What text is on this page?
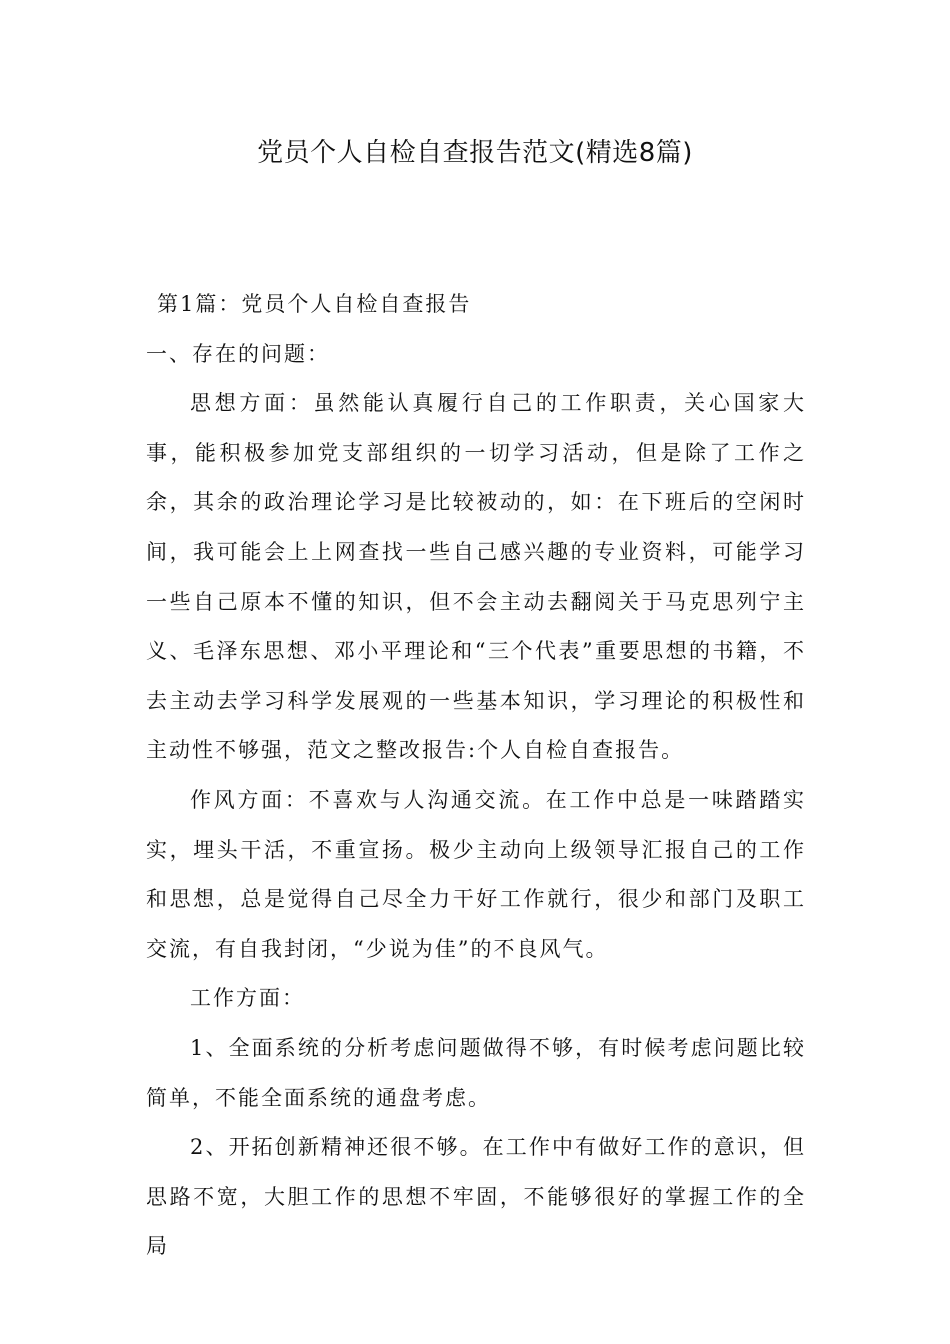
党员个人自检自查报告范文(精选8篇)

第1篇：党员个人自检自查报告

一、存在的问题：

思想方面：虽然能认真履行自己的工作职责，关心国家大事，能积极参加党支部组织的一切学习活动，但是除了工作之余，其余的政治理论学习是比较被动的，如：在下班后的空闲时间，我可能会上上网查找一些自己感兴趣的专业资料，可能学习一些自己原本不懂的知识，但不会主动去翻阅关于马克思列宁主义、毛泽东思想、邓小平理论和“三个代表”重要思想的书籍，不去主动去学习科学发展观的一些基本知识，学习理论的积极性和主动性不够强，范文之整改报告:个人自检自查报告。

作风方面：不喜欢与人沟通交流。在工作中总是一味踏踏实实，埋头干活，不重宣扬。极少主动向上级领导汇报自己的工作和思想，总是觉得自己尽全力干好工作就行，很少和部门及职工交流，有自我封闭，“少说为佳”的不良风气。

工作方面：

1、全面系统的分析考虑问题做得不够，有时候考虑问题比较简单，不能全面系统的通盘考虑。

2、开拓创新精神还很不够。在工作中有做好工作的意识，但思路不宽，大胆工作的思想不牢固，不能够很好的掌握工作的全局
